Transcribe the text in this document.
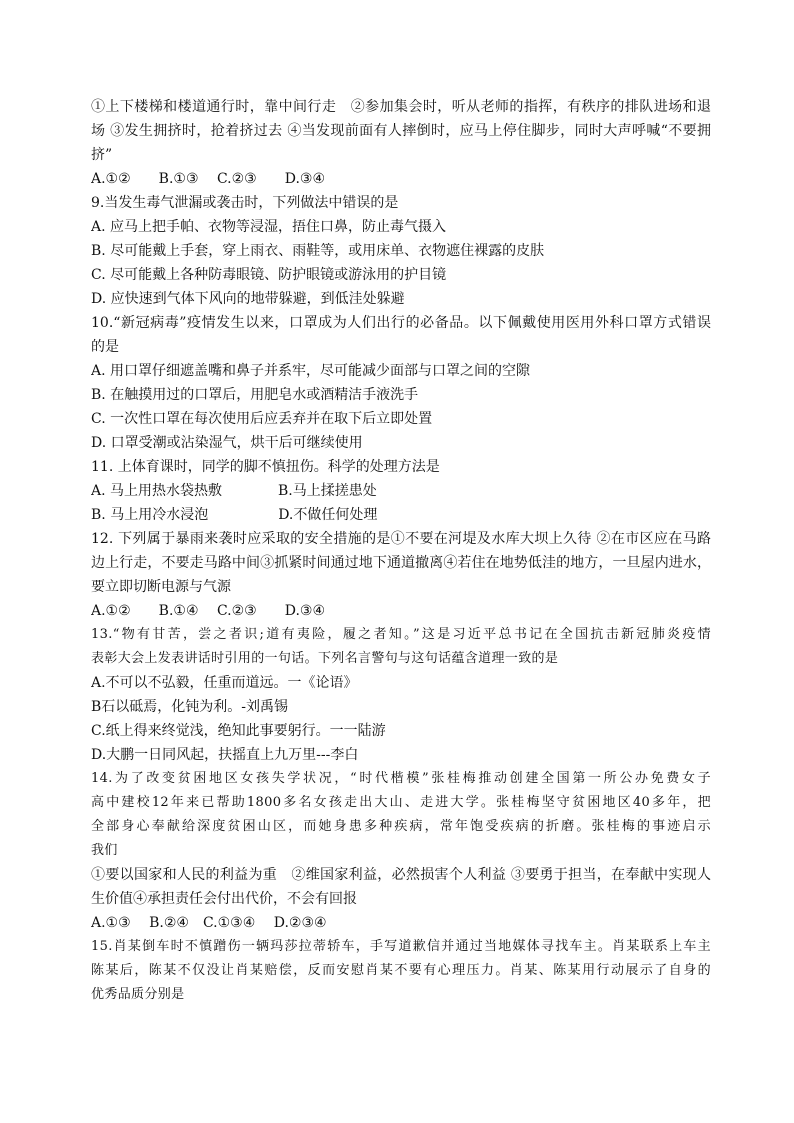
①上下楼梯和楼道通行时，靠中间行走　②参加集会时，听从老师的指挥，有秩序的排队进场和退
场 ③发生拥挤时，抢着挤过去 ④当发现前面有人摔倒时，应马上停住脚步，同时大声呼喊“不要拥
挤”
A.①②　　B.①③　 C.②③　　D.③④
9.当发生毒气泄漏或袭击时，下列做法中错误的是
A. 应马上把手帕、衣物等浸湿，捂住口鼻，防止毒气摄入
B. 尽可能戴上手套，穿上雨衣、雨鞋等，或用床单、衣物遮住裸露的皮肤
C. 尽可能戴上各种防毒眼镜、防护眼镜或游泳用的护目镜
D. 应快速到气体下风向的地带躲避，到低洼处躲避
10.“新冠病毒”疫情发生以来，口罩成为人们出行的必备品。以下佩戴使用医用外科口罩方式错误
的是
A. 用口罩仔细遮盖嘴和鼻子并系牢，尽可能减少面部与口罩之间的空隙
B. 在触摸用过的口罩后，用肥皂水或酒精洁手液洗手
C. 一次性口罩在每次使用后应丢弃并在取下后立即处置
D. 口罩受潮或沾染湿气，烘干后可继续使用
11. 上体育课时，同学的脚不慎扭伤。科学的处理方法是
A. 马上用热水袋热敷　　　　B.马上揉搓患处
B. 马上用冷水浸泡　　　　　D.不做任何处理
12. 下列属于暴雨来袭时应采取的安全措施的是①不要在河堤及水库大坝上久待 ②在市区应在马路
边上行走，不要走马路中间③抓紧时间通过地下通道撤离④若住在地势低洼的地方，一旦屋内进水，
要立即切断电源与气源
A.①②　　B.①④　 C.②③　　D.③④
13.“物有甘苦，尝之者识;道有夷险，履之者知。”这是习近平总书记在全国抗击新冠肺炎疫情
表彰大会上发表讲话时引用的一句话。下列名言警句与这句话蕴含道理一致的是
A.不可以不弘毅，任重而道远。一《论语》
B石以砥焉，化钝为利。-刘禹锡
C.纸上得来终觉浅，绝知此事要躬行。一一陆游
D.大鹏一日同风起，扶摇直上九万里---李白
14.为了改变贫困地区女孩失学状况，“时代楷模”张桂梅推动创建全国第一所公办免费女子
高中建校12年来已帮助1800多名女孩走出大山、走进大学。张桂梅坚守贫困地区40多年，把
全部身心奉献给深度贫困山区，而她身患多种疾病，常年饱受疾病的折磨。张桂梅的事迹启示
我们
①要以国家和人民的利益为重　②维国家利益，必然损害个人利益 ③要勇于担当，在奉献中实现人
生价值④承担责任会付出代价，不会有回报
A.①③　 B.②④　C.①③④　 D.②③④
15.肖某倒车时不慎蹭伤一辆玛莎拉蒂轿车，手写道歉信并通过当地媒体寻找车主。肖某联系上车主
陈某后，陈某不仅没让肖某赔偿，反而安慰肖某不要有心理压力。肖某、陈某用行动展示了自身的
优秀品质分别是
